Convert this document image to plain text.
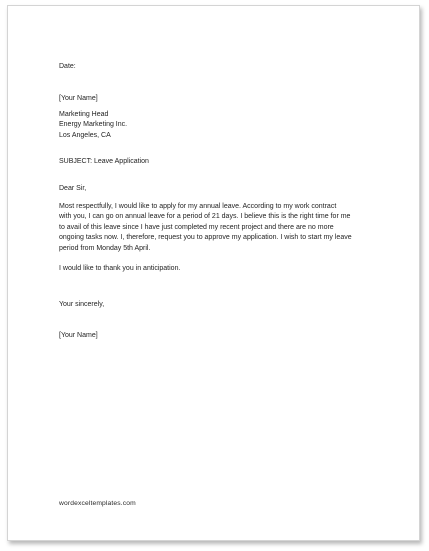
Date:
[Your Name]
Marketing Head
Energy Marketing Inc.
Los Angeles, CA
SUBJECT: Leave Application
Dear Sir,
Most respectfully, I would like to apply for my annual leave. According to my work contract
with you, I can go on annual leave for a period of 21 days. I believe this is the right time for me
to avail of this leave since I have just completed my recent project and there are no more
ongoing tasks now. I, therefore, request you to approve my application. I wish to start my leave
period from Monday 5th April.
I would like to thank you in anticipation.
Your sincerely,
[Your Name]
wordexceltemplates.com
